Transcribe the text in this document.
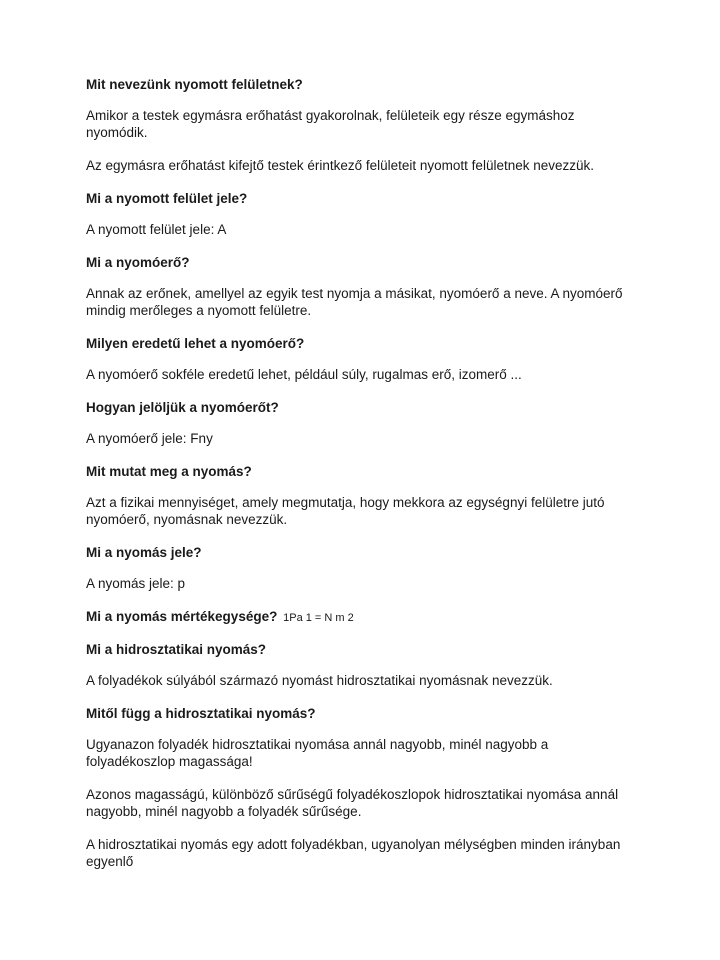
Mit nevezünk nyomott felületnek?
Amikor a testek egymásra erőhatást gyakorolnak, felületeik egy része egymáshoz nyomódik.
Az egymásra erőhatást kifejtő testek érintkező felületeit nyomott felületnek nevezzük.
Mi a nyomott felület jele?
A nyomott felület jele: A
Mi a nyomóerő?
Annak az erőnek, amellyel az egyik test nyomja a másikat, nyomóerő a neve. A nyomóerő mindig merőleges a nyomott felületre.
Milyen eredetű lehet a nyomóerő?
A nyomóerő sokféle eredetű lehet, például súly, rugalmas erő, izomerő ...
Hogyan jelöljük a nyomóerőt?
A nyomóerő jele: Fny
Mit mutat meg a nyomás?
Azt a fizikai mennyiséget, amely megmutatja, hogy mekkora az egységnyi felületre jutó nyomóerő, nyomásnak nevezzük.
Mi a nyomás jele?
A nyomás jele: p
Mi a nyomás mértékegysége? 1Pa 1 = N m 2
Mi a hidrosztatikai nyomás?
A folyadékok súlyából származó nyomást hidrosztatikai nyomásnak nevezzük.
Mitől függ a hidrosztatikai nyomás?
Ugyanazon folyadék hidrosztatikai nyomása annál nagyobb, minél nagyobb a folyadékoszlop magassága!
Azonos magasságú, különböző sűrűségű folyadékoszlopok hidrosztatikai nyomása annál nagyobb, minél nagyobb a folyadék sűrűsége.
A hidrosztatikai nyomás egy adott folyadékban, ugyanolyan mélységben minden irányban egyenlő
